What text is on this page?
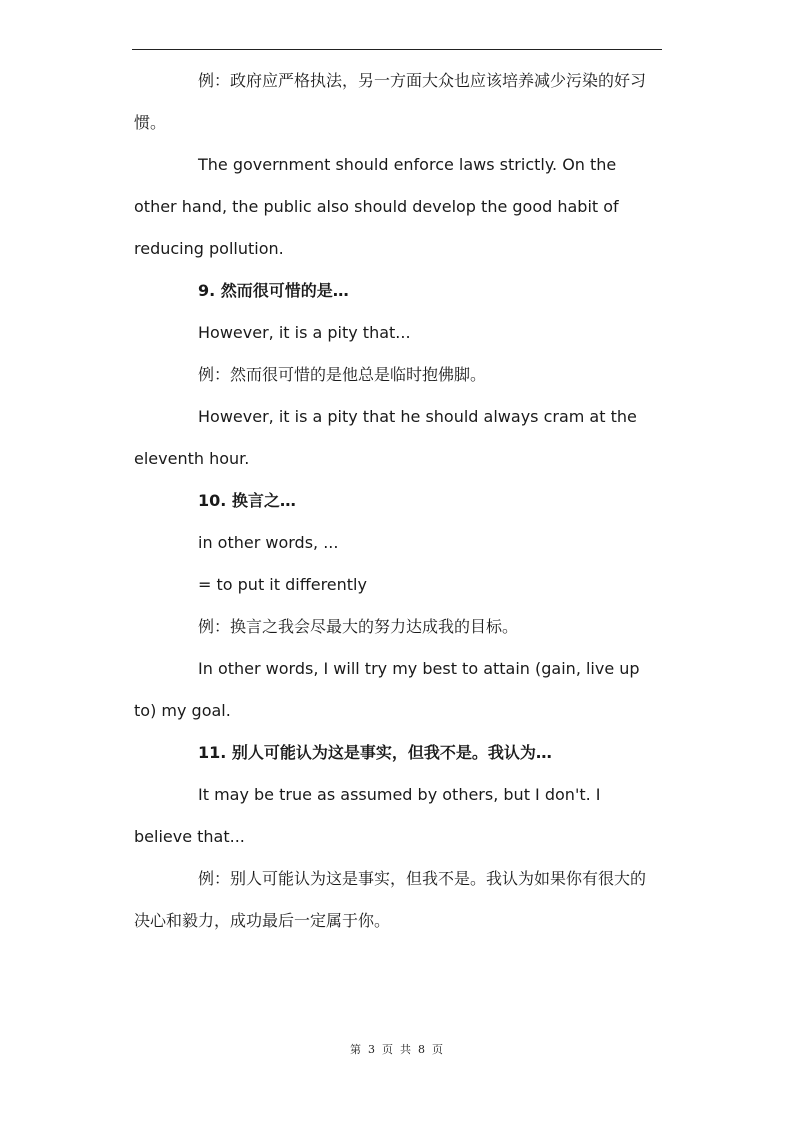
例：政府应严格执法，另一方面大众也应该培养减少污染的好习惯。

The government should enforce laws strictly. On the other hand, the public also should develop the good habit of reducing pollution.

9. 然而很可惜的是…

However, it is a pity that...

例：然而很可惜的是他总是临时抱佛脚。

However, it is a pity that he should always cram at the eleventh hour.

10. 换言之…

in other words, ...

= to put it differently

例：换言之我会尽最大的努力达成我的目标。

In other words, I will try my best to attain (gain, live up to) my goal.

11. 别人可能认为这是事实，但我不是。我认为…

It may be true as assumed by others, but I don't. I believe that...

例：别人可能认为这是事实，但我不是。我认为如果你有很大的决心和毅力，成功最后一定属于你。

第 3 页 共 8 页
